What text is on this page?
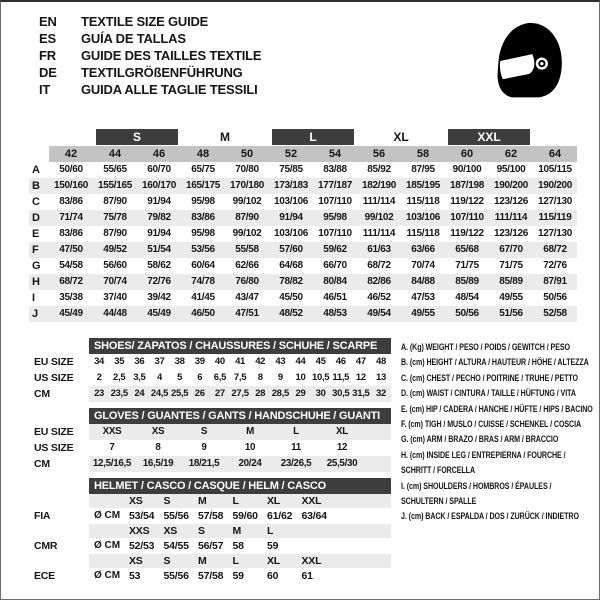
EN	TEXTILE SIZE GUIDE
ES	GUÍA DE TALLAS
FR	GUIDE DES TAILLES TEXTILE
DE	TEXTILGRÖßENFÜHRUNG
IT	GUIDA ALLE TAGLIE TESSILI
S	M	L	XL	XXL
42	44	46	48	50	52	54	56	58	60	62	64
A	50/60	55/65	60/70	65/75	70/80	75/85	83/88	85/92	87/95	90/100	95/100	105/115
B	150/160 155/165 160/170 165/175 170/180 173/183 177/187 182/190 185/195 187/198 190/200 190/200
C	83/86	87/90	91/94	95/98	99/102	103/106	107/110	111/114	115/118	119/122	123/126 127/130
D	71/74	75/78	79/82	83/86	87/90	91/94	95/98	99/102	103/106	107/110	111/114	115/119
E	83/86	87/90	91/94	95/98	99/102	103/106	107/110	111/114	115/118	119/122	123/126 127/130
F	47/50	49/52	51/54	53/56	55/58	57/60	59/62	61/63	63/66	65/68	67/70	68/72
G	54/58	56/60	58/62	60/64	62/66	64/68	66/70	68/72	70/74	71/75	71/75	72/76
H	68/72	70/74	72/76	74/78	76/80	78/82	80/84	82/86	84/88	85/89	85/89	87/91
I	35/38	37/40	39/42	41/45	43/47	45/50	46/51	46/52	47/53	48/54	49/55	50/56
J	45/49	44/48	45/49	46/50	47/51	48/52	48/53	49/54	49/55	50/56	51/56	52/58
SHOES/ ZAPATOS / CHAUSSURES / SCHUHE / SCARPE
EU SIZE	34	35	36	37	38	39	40	41	42	43	44	45	46	47	48
US SIZE	2	2,5 3,5	4	5	6	6,5 7,5	8	9	10 10,5 11,5 12	13
CM	23 23,5 24 24,5 25,5 26	27 27,5 28 28,5 29	30 30,5 31,5 32
GLOVES / GUANTES / GANTS / HANDSCHUHE / GUANTI
EU SIZE	XXS	XS	S	M	L	XL
US SIZE	7	8	9	10	11	12
CM	12,5/16,5	16,5/19	18/21,5	20/24	23/26,5	25,5/30
HELMET / CASCO / CASQUE / HELM / CASCO
XS	S	M	L	XL	XXL
FIA	Ø CM 53/54 55/56 57/58 59/60 61/62 63/64
XXS	XS	S	M	L
CMR	Ø CM 52/53 54/55 56/57 58	59
XS	S	M	L	XL	XXL
ECE	Ø CM 53	55/56 57/58 59	60	61
A. (Kg) WEIGHT / PESO / POIDS / GEWITCH / PESO
B. (cm) HEIGHT / ALTURA / HAUTEUR / HÖHE / ALTEZZA
C. (cm) CHEST / PECHO / POITRINE / TRUHE / PETTO
D. (cm) WAIST / CINTURA / TAILLE / HÜFTUNG / VITA
E. (cm) HIP / CADERA / HANCHE / HÜFTE / HIPS / BACINO
F. (cm) TIGH / MUSLO / CUISSE / SCHENKEL / COSCIA
G. (cm) ARM / BRAZO / BRAS / ARM / BRACCIO
H. (cm) INSIDE LEG / ENTREPIERNA / FOURCHE /
SCHRITT / FORCELLA
I. (cm) SHOULDERS / HOMBROS / ÉPAULES /
SCHULTERN / SPALLE
J. (cm) BACK / ESPALDA / DOS / ZURÜCK / INDIETRO
